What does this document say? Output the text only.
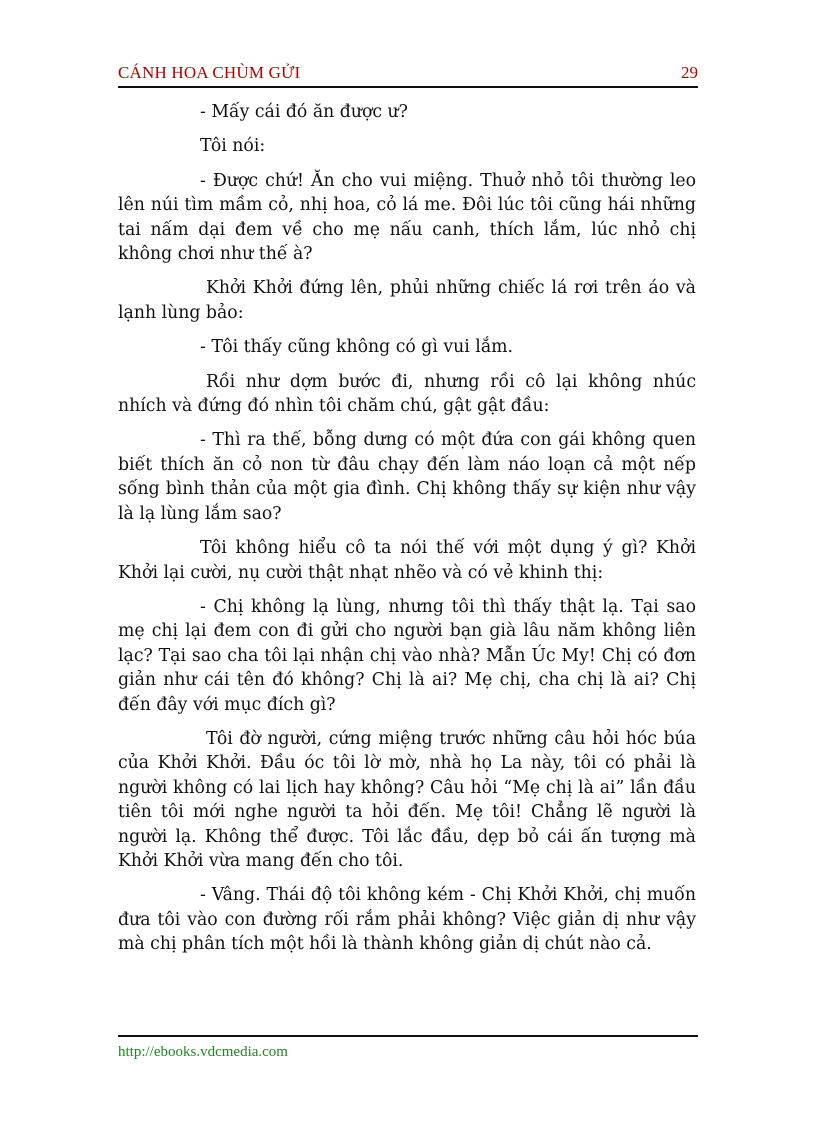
CÁNH HOA CHÙM GỬI	29

- Mấy cái đó ăn được ư?

Tôi nói:

- Được chứ! Ăn cho vui miệng. Thuở nhỏ tôi thường leo lên núi tìm mầm cỏ, nhị hoa, cỏ lá me. Đôi lúc tôi cũng hái những tai nấm dại đem về cho mẹ nấu canh, thích lắm, lúc nhỏ chị không chơi như thế à?

Khởi Khởi đứng lên, phủi những chiếc lá rơi trên áo và lạnh lùng bảo:

- Tôi thấy cũng không có gì vui lắm.

Rồi như dợm bước đi, nhưng rồi cô lại không nhúc nhích và đứng đó nhìn tôi chăm chú, gật gật đầu:

- Thì ra thế, bỗng dưng có một đứa con gái không quen biết thích ăn cỏ non từ đâu chạy đến làm náo loạn cả một nếp sống bình thản của một gia đình. Chị không thấy sự kiện như vậy là lạ lùng lắm sao?

Tôi không hiểu cô ta nói thế với một dụng ý gì? Khởi Khởi lại cười, nụ cười thật nhạt nhẽo và có vẻ khinh thị:

- Chị không lạ lùng, nhưng tôi thì thấy thật lạ. Tại sao mẹ chị lại đem con đi gửi cho người bạn già lâu năm không liên lạc? Tại sao cha tôi lại nhận chị vào nhà? Mẫn Úc My! Chị có đơn giản như cái tên đó không? Chị là ai? Mẹ chị, cha chị là ai? Chị đến đây với mục đích gì?

Tôi đờ người, cứng miệng trước những câu hỏi hóc búa của Khởi Khởi. Đầu óc tôi lờ mờ, nhà họ La này, tôi có phải là người không có lai lịch hay không? Câu hỏi “Mẹ chị là ai” lần đầu tiên tôi mới nghe người ta hỏi đến. Mẹ tôi! Chẳng lẽ người là người lạ. Không thể được. Tôi lắc đầu, dẹp bỏ cái ấn tượng mà Khởi Khởi vừa mang đến cho tôi.

- Vâng. Thái độ tôi không kém - Chị Khởi Khởi, chị muốn đưa tôi vào con đường rối rắm phải không? Việc giản dị như vậy mà chị phân tích một hồi là thành không giản dị chút nào cả.

http://ebooks.vdcmedia.com
